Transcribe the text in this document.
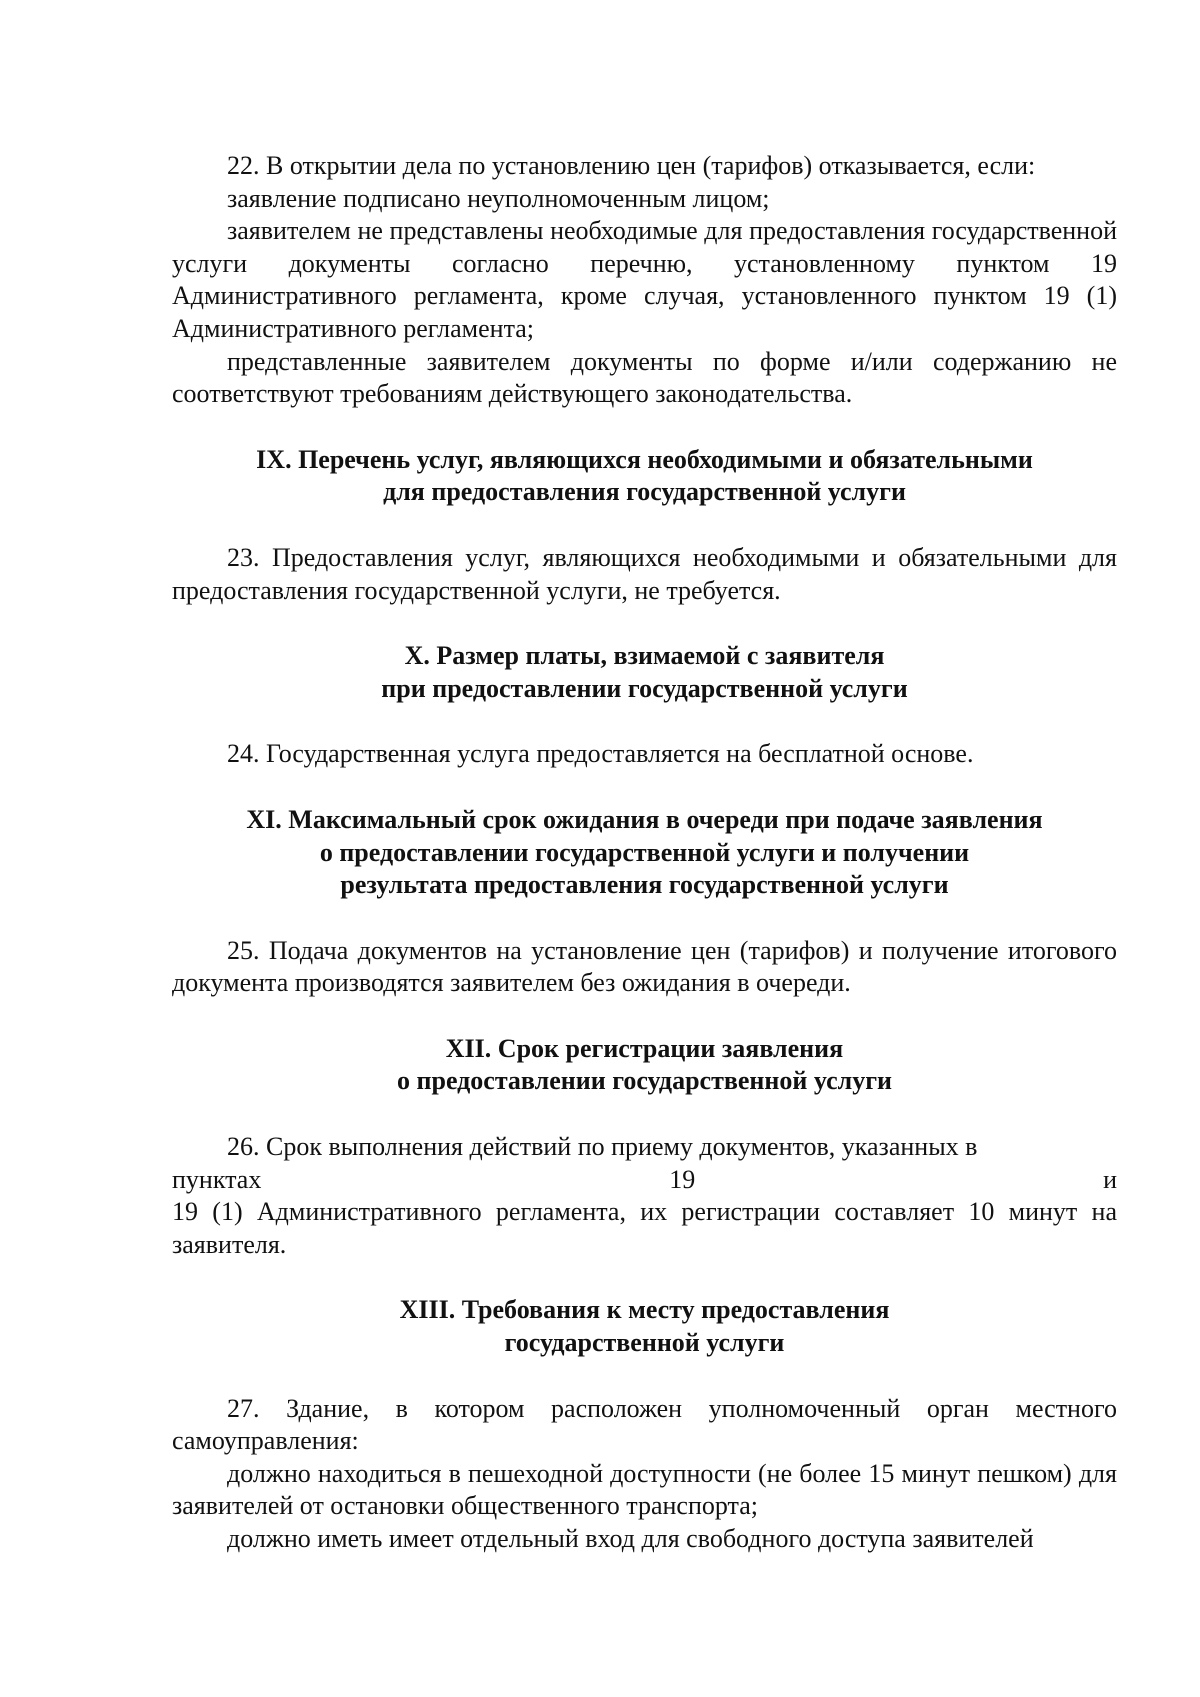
22. В открытии дела по установлению цен (тарифов) отказывается, если:

заявление подписано неуполномоченным лицом;

заявителем не представлены необходимые для предоставления государственной услуги документы согласно перечню, установленному пунктом 19 Административного регламента, кроме случая, установленного пунктом 19 (1) Административного регламента;

представленные заявителем документы по форме и/или содержанию не соответствуют требованиям действующего законодательства.

IX. Перечень услуг, являющихся необходимыми и обязательными
для предоставления государственной услуги

23. Предоставления услуг, являющихся необходимыми и обязательными для предоставления государственной услуги, не требуется.

X. Размер платы, взимаемой с заявителя
при предоставлении государственной услуги

24. Государственная услуга предоставляется на бесплатной основе.

XI. Максимальный срок ожидания в очереди при подаче заявления
о предоставлении государственной услуги и получении
результата предоставления государственной услуги

25. Подача документов на установление цен (тарифов) и получение итогового документа производятся заявителем без ожидания в очереди.

XII. Срок регистрации заявления
о предоставлении государственной услуги

26. Срок выполнения действий по приему документов, указанных в

пунктах	19	и

19 (1) Административного регламента, их регистрации составляет 10 минут на заявителя.

XIII. Требования к месту предоставления
государственной услуги

27. Здание, в котором расположен уполномоченный орган местного самоуправления:

должно находиться в пешеходной доступности (не более 15 минут пешком) для заявителей от остановки общественного транспорта;

должно иметь имеет отдельный вход для свободного доступа заявителей
